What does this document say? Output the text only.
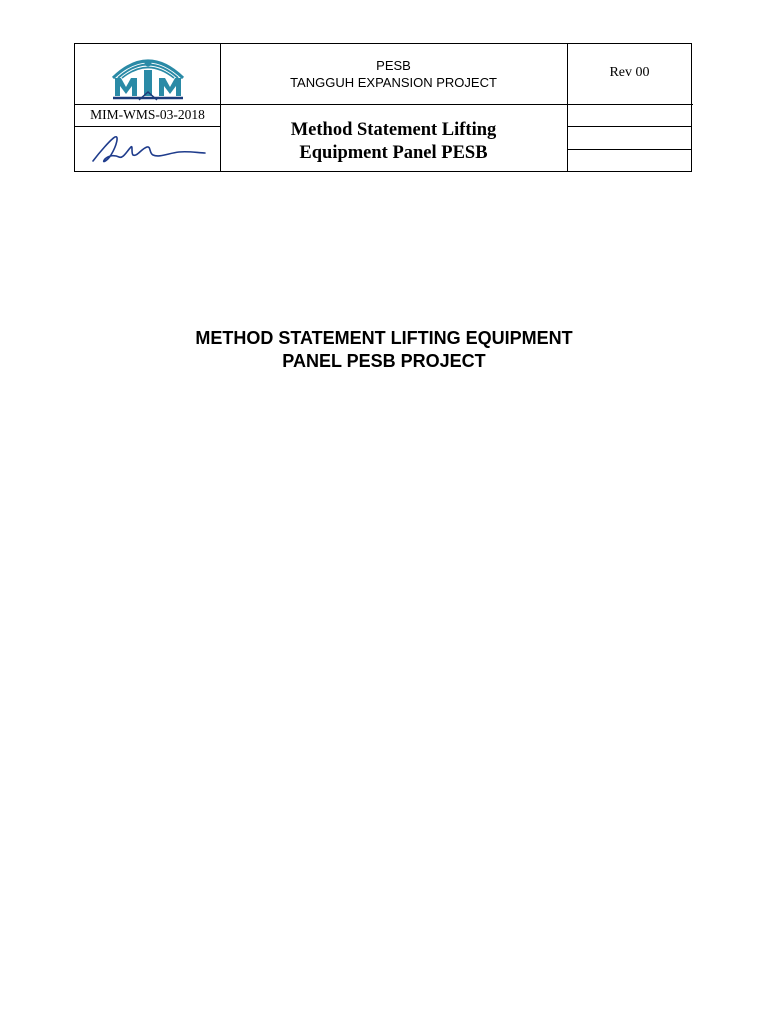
PESB
TANGGUH EXPANSION PROJECT
Rev 00
MIM-WMS-03-2018
Method Statement Lifting
Equipment Panel PESB
METHOD STATEMENT LIFTING EQUIPMENT
PANEL PESB PROJECT
